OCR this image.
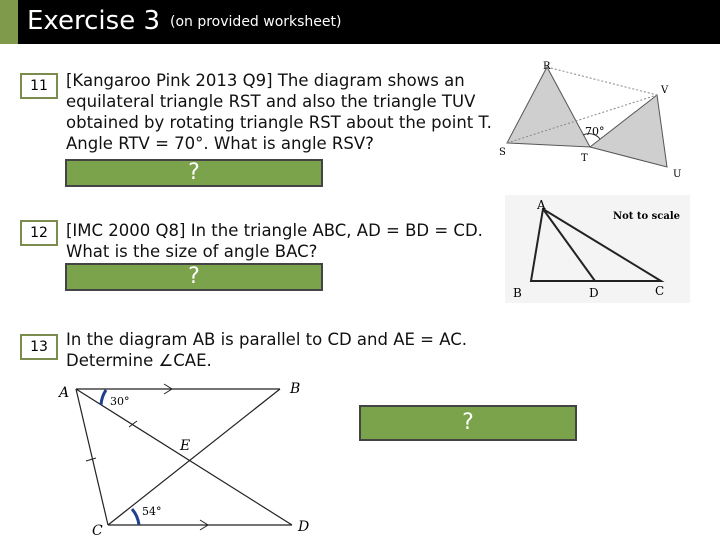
Exercise 3 (on provided worksheet)
11	[Kangaroo Pink 2013 Q9] The diagram shows an
equilateral triangle RST and also the triangle TUV
obtained by rotating triangle RST about the point T.
Angle RTV = 70°. What is angle RSV?
?
R
V
S
T
U
70°
12	[IMC 2000 Q8] In the triangle ABC, AD = BD = CD.
What is the size of angle BAC?
?
A
B	D	C
Not to scale
13	In the diagram AB is parallel to CD and AE = AC.
Determine ∠CAE.
?
A	B
C	D
E
30°
54°
